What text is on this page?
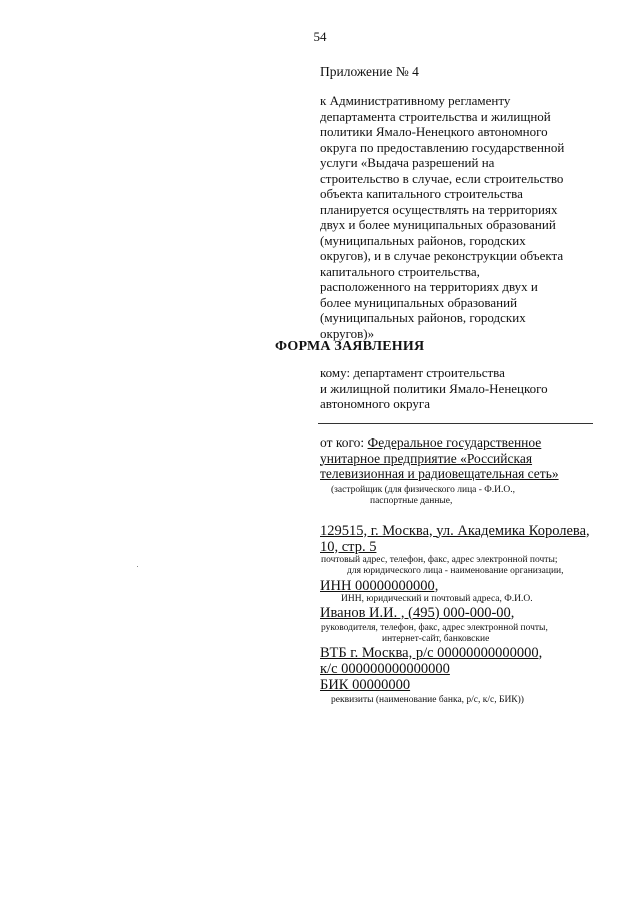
54
Приложение № 4
к Административному регламенту
департамента строительства и жилищной
политики Ямало-Ненецкого автономного
округа по предоставлению государственной
услуги «Выдача разрешений на
строительство в случае, если строительство
объекта капитального строительства
планируется осуществлять на территориях
двух и более муниципальных образований
(муниципальных районов, городских
округов), и в случае реконструкции объекта
капитального строительства,
расположенного на территориях двух и
более муниципальных образований
(муниципальных районов, городских
округов)»
ФОРМА ЗАЯВЛЕНИЯ
кому: департамент строительства
и жилищной политики Ямало-Ненецкого
автономного округа
от кого: Федеральное государственное
унитарное предприятие «Российская
телевизионная и радиовещательная сеть»
(застройщик (для физического лица - Ф.И.О.,
паспортные данные,
129515, г. Москва, ул. Академика Королева,
10, стр. 5
почтовый адрес, телефон, факс, адрес электронной почты;
для юридического лица - наименование организации,
ИНН 00000000000,
ИНН, юридический и почтовый адреса, Ф.И.О.
Иванов И.И. , (495) 000-000-00,
руководителя, телефон, факс, адрес электронной почты,
интернет-сайт, банковские
ВТБ г. Москва, р/с 00000000000000,
к/с 000000000000000
БИК 00000000
реквизиты (наименование банка, р/с, к/с, БИК))
